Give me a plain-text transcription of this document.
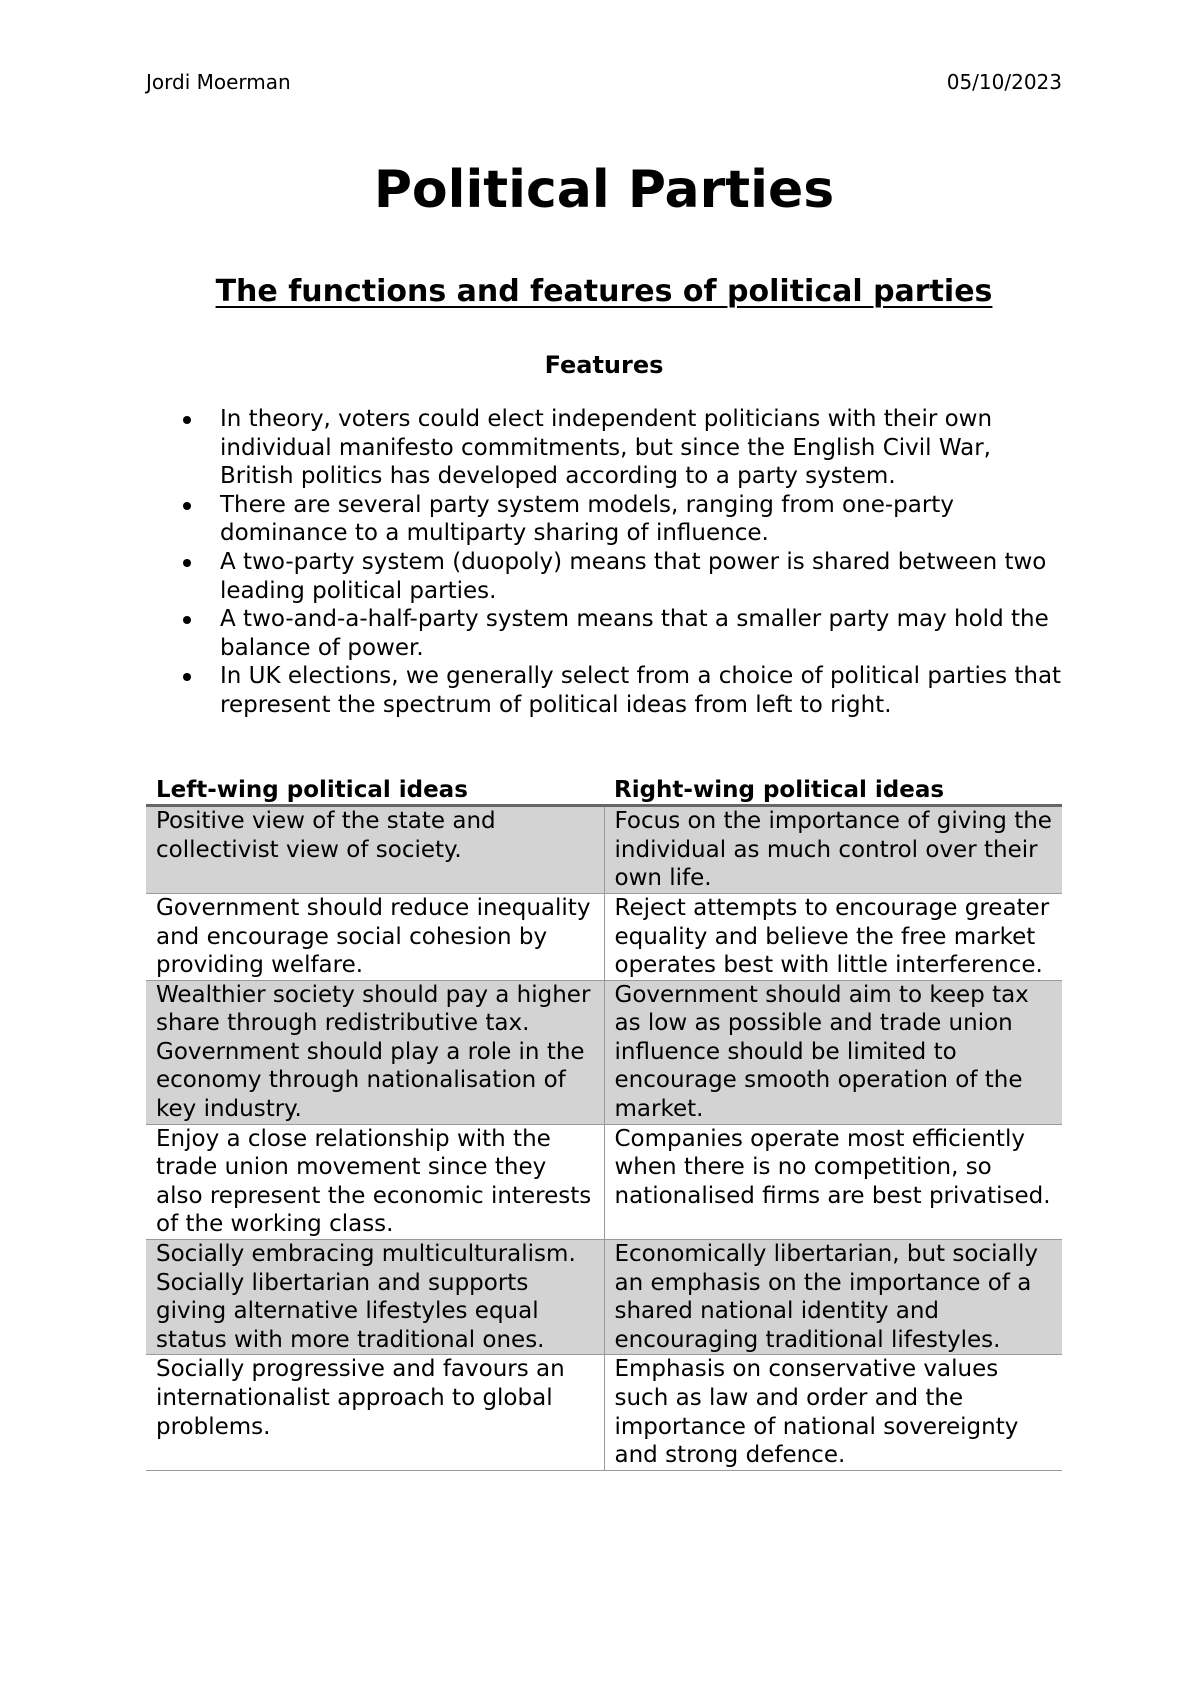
Jordi Moerman	05/10/2023
Political Parties
The functions and features of political parties
Features
In theory, voters could elect independent politicians with their own individual manifesto commitments, but since the English Civil War, British politics has developed according to a party system.
There are several party system models, ranging from one-party dominance to a multiparty sharing of influence.
A two-party system (duopoly) means that power is shared between two leading political parties.
A two-and-a-half-party system means that a smaller party may hold the balance of power.
In UK elections, we generally select from a choice of political parties that represent the spectrum of political ideas from left to right.
Left-wing political ideas	Right-wing political ideas
Positive view of the state and collectivist view of society.	Focus on the importance of giving the individual as much control over their own life.
Government should reduce inequality and encourage social cohesion by providing welfare.	Reject attempts to encourage greater equality and believe the free market operates best with little interference.
Wealthier society should pay a higher share through redistributive tax. Government should play a role in the economy through nationalisation of key industry.	Government should aim to keep tax as low as possible and trade union influence should be limited to encourage smooth operation of the market.
Enjoy a close relationship with the trade union movement since they also represent the economic interests of the working class.	Companies operate most efficiently when there is no competition, so nationalised firms are best privatised.
Socially embracing multiculturalism. Socially libertarian and supports giving alternative lifestyles equal status with more traditional ones.	Economically libertarian, but socially an emphasis on the importance of a shared national identity and encouraging traditional lifestyles.
Socially progressive and favours an internationalist approach to global problems.	Emphasis on conservative values such as law and order and the importance of national sovereignty and strong defence.
